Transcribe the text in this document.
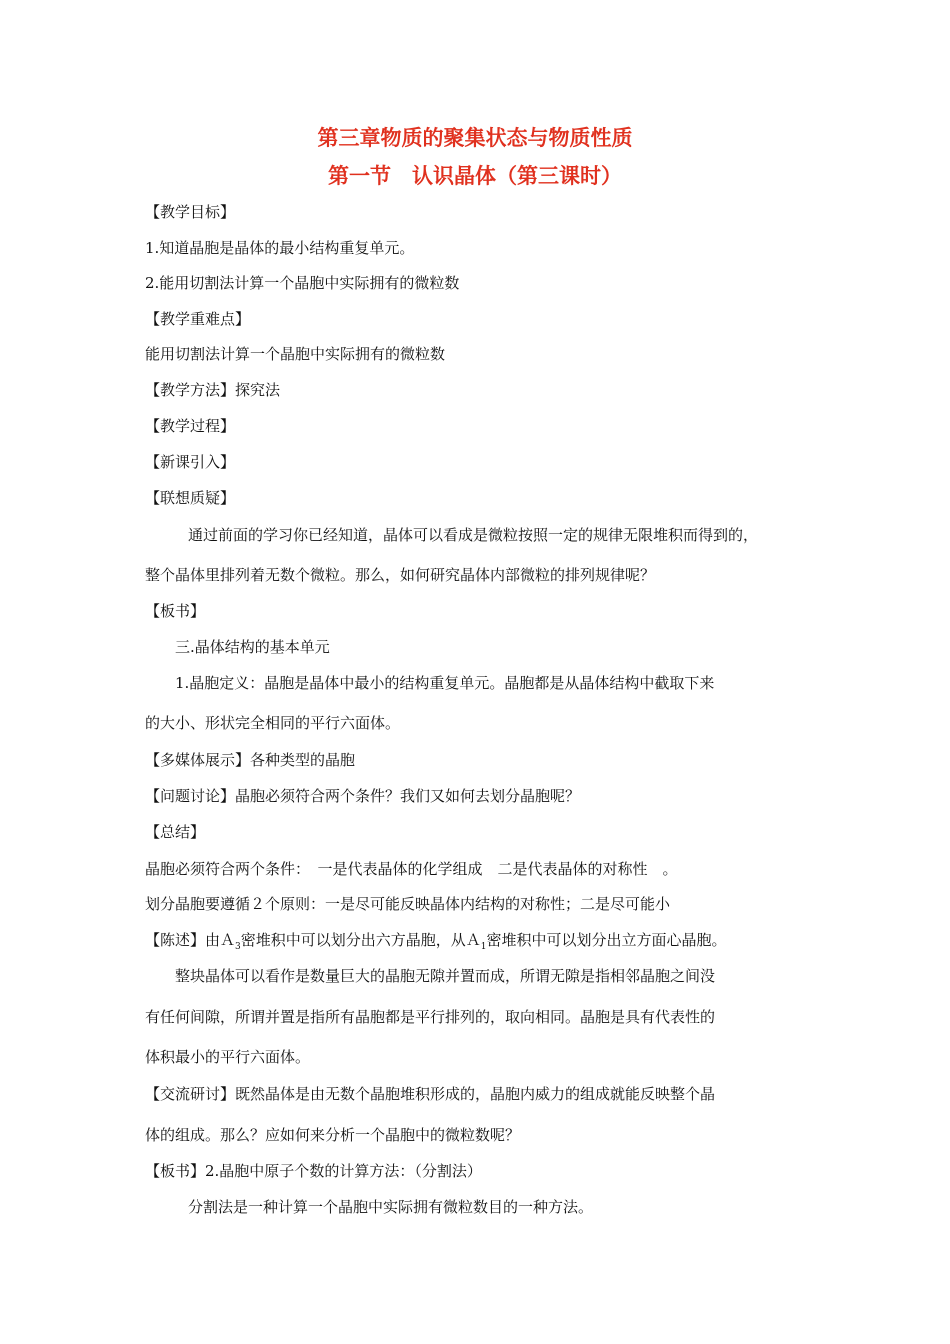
第三章物质的聚集状态与物质性质
第一节　认识晶体（第三课时）
【教学目标】
1.知道晶胞是晶体的最小结构重复单元。
2.能用切割法计算一个晶胞中实际拥有的微粒数
【教学重难点】
能用切割法计算一个晶胞中实际拥有的微粒数
【教学方法】探究法
【教学过程】
【新课引入】
【联想质疑】
通过前面的学习你已经知道，晶体可以看成是微粒按照一定的规律无限堆积而得到的，
整个晶体里排列着无数个微粒。那么，如何研究晶体内部微粒的排列规律呢？
【板书】
三.晶体结构的基本单元
1.晶胞定义：晶胞是晶体中最小的结构重复单元。晶胞都是从晶体结构中截取下来
的大小、形状完全相同的平行六面体。
【多媒体展示】各种类型的晶胞
【问题讨论】晶胞必须符合两个条件？我们又如何去划分晶胞呢？
【总结】
晶胞必须符合两个条件：　一是代表晶体的化学组成　二是代表晶体的对称性　。
划分晶胞要遵循２个原则：一是尽可能反映晶体内结构的对称性；二是尽可能小
【陈述】由Ａ$_3$密堆积中可以划分出六方晶胞，从Ａ$_1$密堆积中可以划分出立方面心晶胞。
整块晶体可以看作是数量巨大的晶胞无隙并置而成，所谓无隙是指相邻晶胞之间没
有任何间隙，所谓并置是指所有晶胞都是平行排列的，取向相同。晶胞是具有代表性的
体积最小的平行六面体。
【交流研讨】既然晶体是由无数个晶胞堆积形成的，晶胞内威力的组成就能反映整个晶
体的组成。那么？应如何来分析一个晶胞中的微粒数呢？
【板书】2.晶胞中原子个数的计算方法：（分割法）
分割法是一种计算一个晶胞中实际拥有微粒数目的一种方法。
